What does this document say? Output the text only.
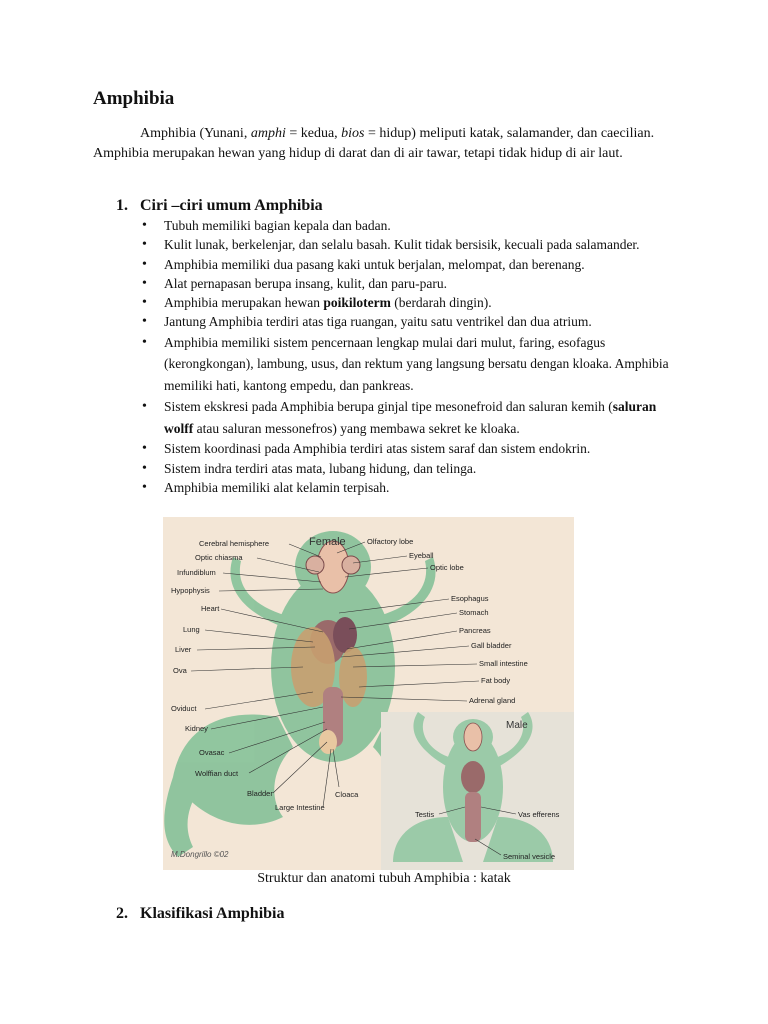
Amphibia

Amphibia (Yunani, amphi = kedua, bios = hidup) meliputi katak, salamander, dan caecilian. Amphibia merupakan hewan yang hidup di darat dan di air tawar, tetapi tidak hidup di air laut.

1. Ciri –ciri umum Amphibia
• Tubuh memiliki bagian kepala dan badan.
• Kulit lunak, berkelenjar, dan selalu basah. Kulit tidak bersisik, kecuali pada salamander.
• Amphibia memiliki dua pasang kaki untuk berjalan, melompat, dan berenang.
• Alat pernapasan berupa insang, kulit, dan paru-paru.
• Amphibia merupakan hewan poikiloterm (berdarah dingin).
• Jantung Amphibia terdiri atas tiga ruangan, yaitu satu ventrikel dan dua atrium.
• Amphibia memiliki sistem pencernaan lengkap mulai dari mulut, faring, esofagus (kerongkongan), lambung, usus, dan rektum yang langsung bersatu dengan kloaka. Amphibia memiliki hati, kantong empedu, dan pankreas.
• Sistem ekskresi pada Amphibia berupa ginjal tipe mesonefroid dan saluran kemih (saluran wolff atau saluran messonefros) yang membawa sekret ke kloaka.
• Sistem koordinasi pada Amphibia terdiri atas sistem saraf dan sistem endokrin.
• Sistem indra terdiri atas mata, lubang hidung, dan telinga.
• Amphibia memiliki alat kelamin terpisah.
Female
Cerebral hemisphere
Optic chiasma
Infundiblum
Hypophysis
Heart
Lung
Liver
Ova
Oviduct
Kidney
Ovasac
Wolffian duct
Bladder
Large Intestine
Olfactory lobe
Eyeball
Optic lobe
Esophagus
Stomach
Pancreas
Gall bladder
Small intestine
Fat body
Adrenal gland
Cloaca
Male
Testis	Vas efferens
Seminal vesicle
M.Dongrillo ©02

Struktur dan anatomi tubuh Amphibia : katak

2. Klasifikasi Amphibia
